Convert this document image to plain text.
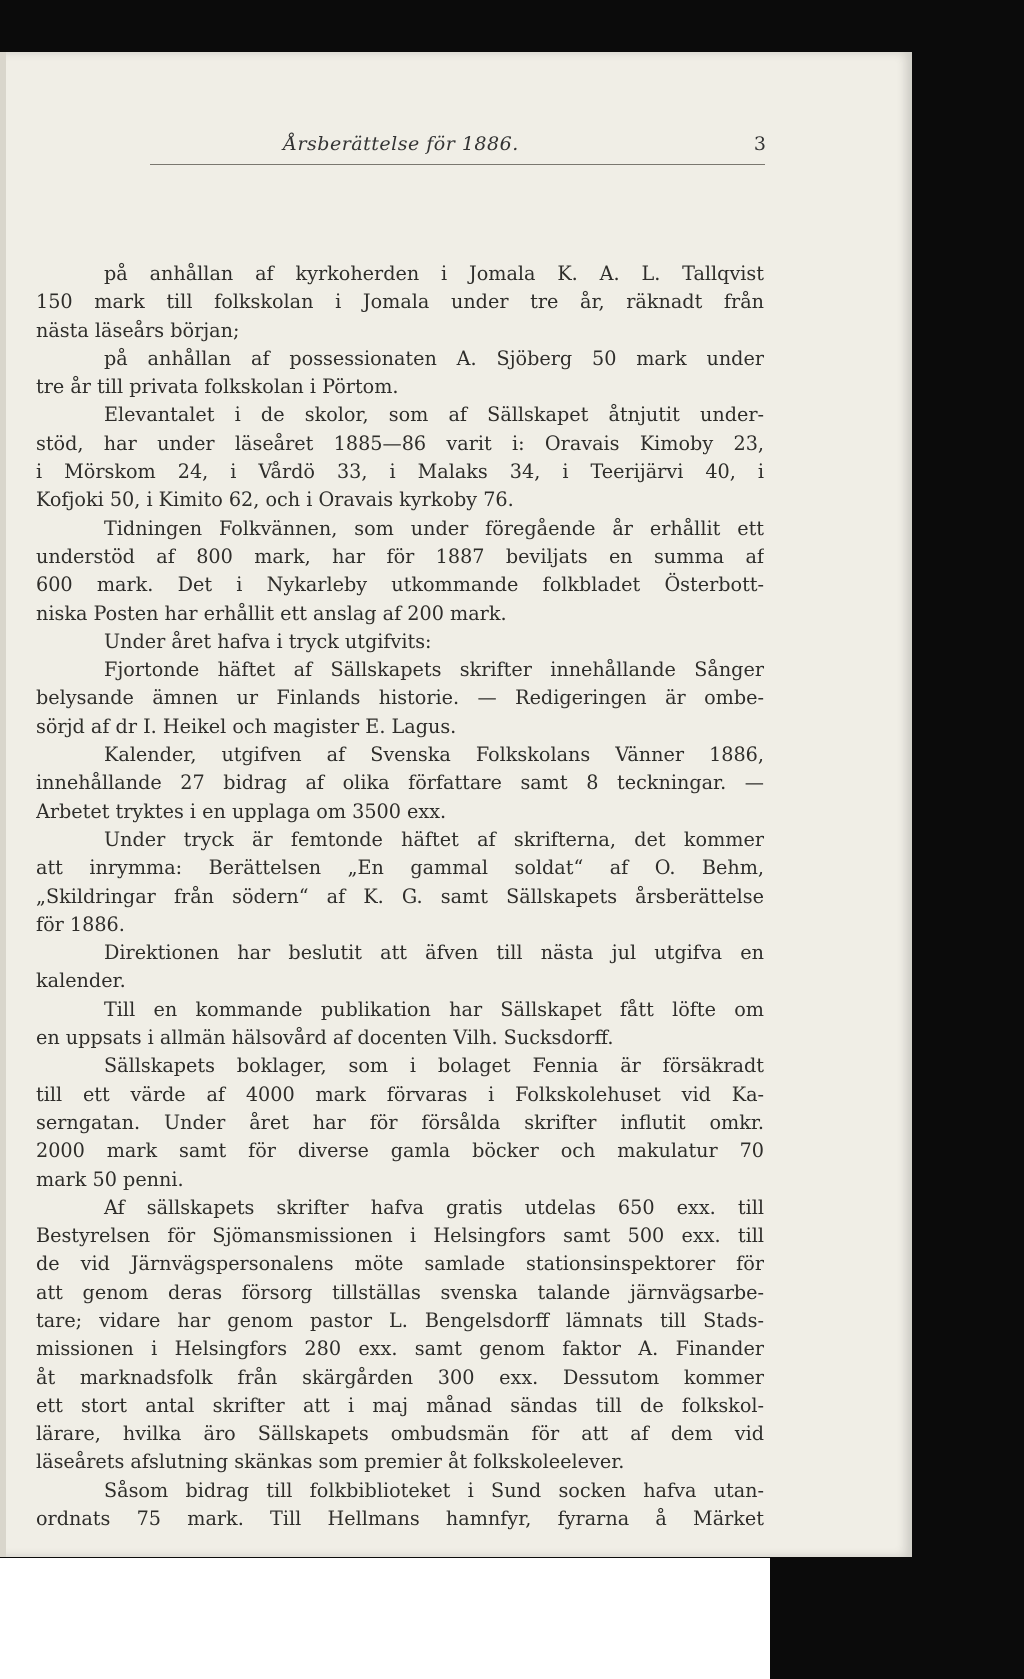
Årsberättelse för 1886.	3
på anhållan af kyrkoherden i Jomala K. A. L. Tallqvist
150 mark till folkskolan i Jomala under tre år, räknadt från
nästa läseårs början;
på anhållan af possessionaten A. Sjöberg 50 mark under
tre år till privata folkskolan i Pörtom.
Elevantalet i de skolor, som af Sällskapet åtnjutit under-
stöd, har under läseåret 1885—86 varit i: Oravais Kimoby 23,
i Mörskom 24, i Vårdö 33, i Malaks 34, i Teerijärvi 40, i
Kofjoki 50, i Kimito 62, och i Oravais kyrkoby 76.
Tidningen Folkvännen, som under föregående år erhållit ett
understöd af 800 mark, har för 1887 beviljats en summa af
600 mark. Det i Nykarleby utkommande folkbladet Österbott-
niska Posten har erhållit ett anslag af 200 mark.
Under året hafva i tryck utgifvits:
Fjortonde häftet af Sällskapets skrifter innehållande Sånger
belysande ämnen ur Finlands historie. — Redigeringen är ombe-
sörjd af dr I. Heikel och magister E. Lagus.
Kalender, utgifven af Svenska Folkskolans Vänner 1886,
innehållande 27 bidrag af olika författare samt 8 teckningar. —
Arbetet tryktes i en upplaga om 3500 exx.
Under tryck är femtonde häftet af skrifterna, det kommer
att inrymma: Berättelsen „En gammal soldat“ af O. Behm,
„Skildringar från södern“ af K. G. samt Sällskapets årsberättelse
för 1886.
Direktionen har beslutit att äfven till nästa jul utgifva en
kalender.
Till en kommande publikation har Sällskapet fått löfte om
en uppsats i allmän hälsovård af docenten Vilh. Sucksdorff.
Sällskapets boklager, som i bolaget Fennia är försäkradt
till ett värde af 4000 mark förvaras i Folkskolehuset vid Ka-
serngatan. Under året har för försålda skrifter influtit omkr.
2000 mark samt för diverse gamla böcker och makulatur 70
mark 50 penni.
Af sällskapets skrifter hafva gratis utdelas 650 exx. till
Bestyrelsen för Sjömansmissionen i Helsingfors samt 500 exx. till
de vid Järnvägspersonalens möte samlade stationsinspektorer för
att genom deras försorg tillställas svenska talande järnvägsarbe-
tare; vidare har genom pastor L. Bengelsdorff lämnats till Stads-
missionen i Helsingfors 280 exx. samt genom faktor A. Finander
åt marknadsfolk från skärgården 300 exx. Dessutom kommer
ett stort antal skrifter att i maj månad sändas till de folkskol-
lärare, hvilka äro Sällskapets ombudsmän för att af dem vid
läseårets afslutning skänkas som premier åt folkskoleelever.
Såsom bidrag till folkbiblioteket i Sund socken hafva utan-
ordnats 75 mark. Till Hellmans hamnfyr, fyrarna å Märket
